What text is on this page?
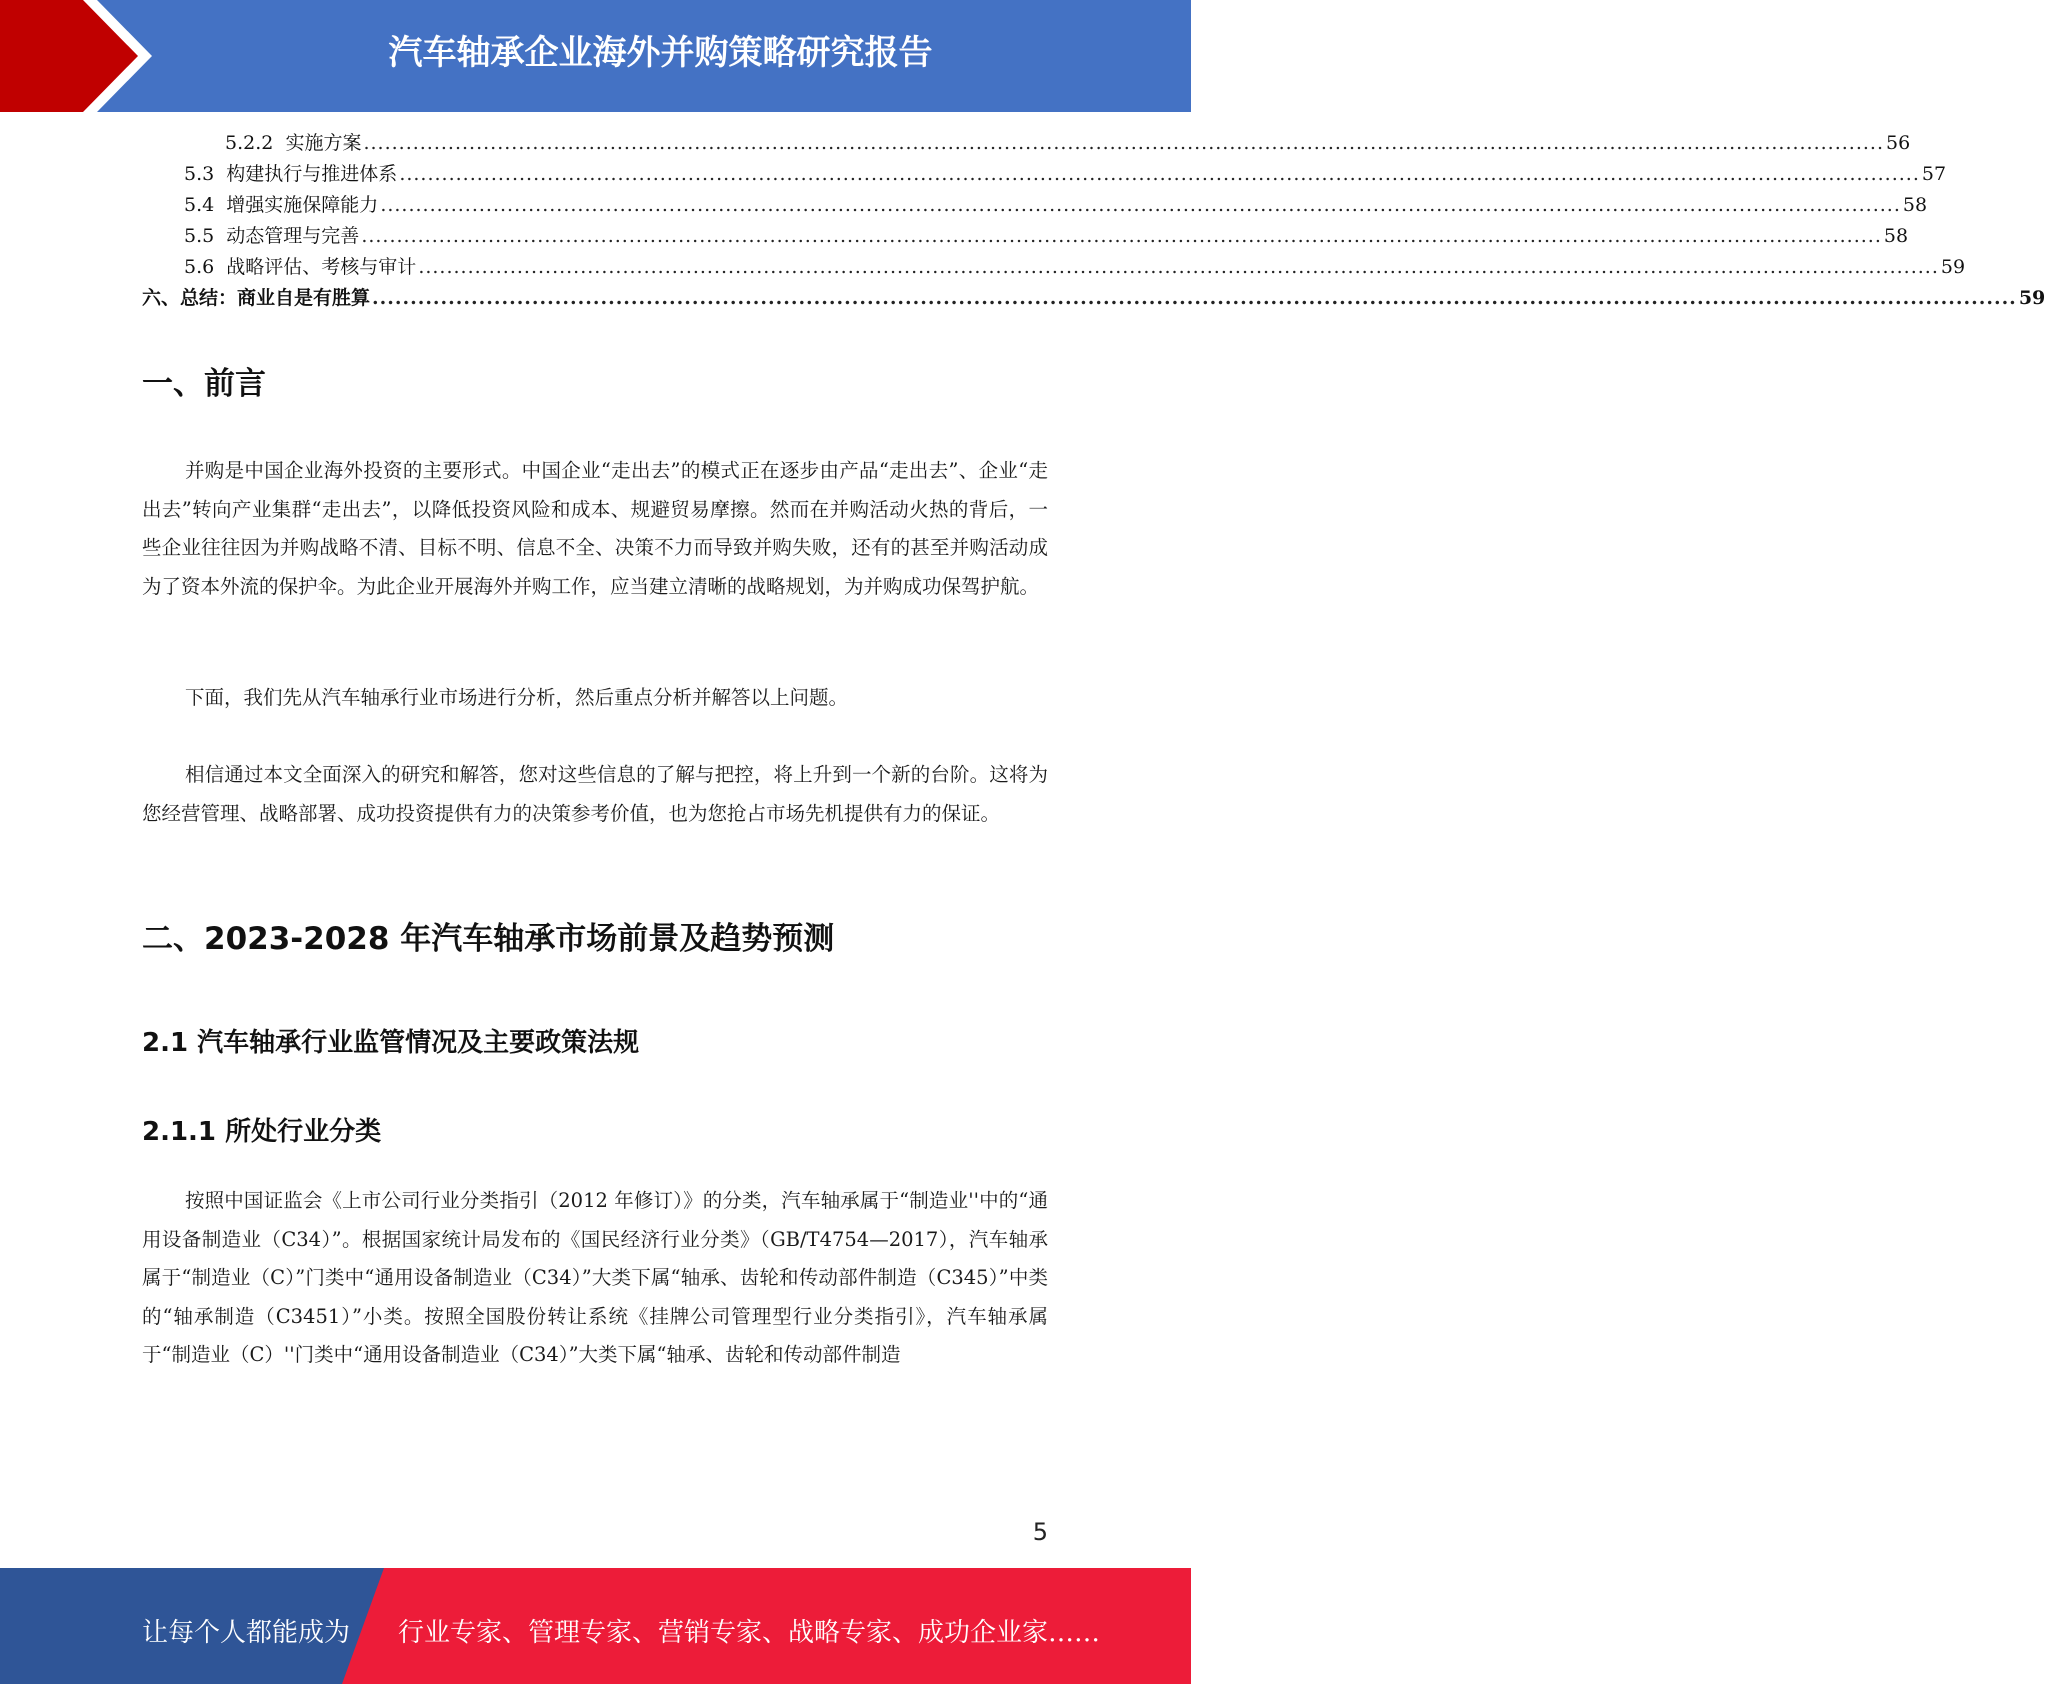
汽车轴承企业海外并购策略研究报告
5.2.2 实施方案 ........................................................................................................................................................................................................................ 56
5.3 构建执行与推进体系 ........................................................................................................................................................................................................................ 57
5.4 增强实施保障能力 ........................................................................................................................................................................................................................ 58
5.5 动态管理与完善 ........................................................................................................................................................................................................................ 58
5.6 战略评估、考核与审计 ........................................................................................................................................................................................................................ 59
六、总结：商业自是有胜算 ........................................................................................................................................................................................................................ 59
一、前言
并购是中国企业海外投资的主要形式。中国企业“走出去”的模式正在逐步由产品“走出去”、企业“走出去”转向产业集群“走出去”，以降低投资风险和成本、规避贸易摩擦。然而在并购活动火热的背后，一些企业往往因为并购战略不清、目标不明、信息不全、决策不力而导致并购失败，还有的甚至并购活动成为了资本外流的保护伞。为此企业开展海外并购工作，应当建立清晰的战略规划，为并购成功保驾护航。
下面，我们先从汽车轴承行业市场进行分析，然后重点分析并解答以上问题。
相信通过本文全面深入的研究和解答，您对这些信息的了解与把控，将上升到一个新的台阶。这将为您经营管理、战略部署、成功投资提供有力的决策参考价值，也为您抢占市场先机提供有力的保证。
二、2023-2028 年汽车轴承市场前景及趋势预测
2.1 汽车轴承行业监管情况及主要政策法规
2.1.1 所处行业分类
按照中国证监会《上市公司行业分类指引（2012 年修订）》的分类，汽车轴承属于“制造业''中的“通用设备制造业（C34）”。根据国家统计局发布的《国民经济行业分类》（GB/T4754—2017），汽车轴承属于“制造业（C）”门类中“通用设备制造业（C34）”大类下属“轴承、齿轮和传动部件制造（C345）”中类的“轴承制造（C3451）”小类。按照全国股份转让系统《挂牌公司管理型行业分类指引》，汽车轴承属于“制造业（C）''门类中“通用设备制造业（C34）”大类下属“轴承、齿轮和传动部件制造
5
让每个人都能成为 行业专家、管理专家、营销专家、战略专家、成功企业家……
